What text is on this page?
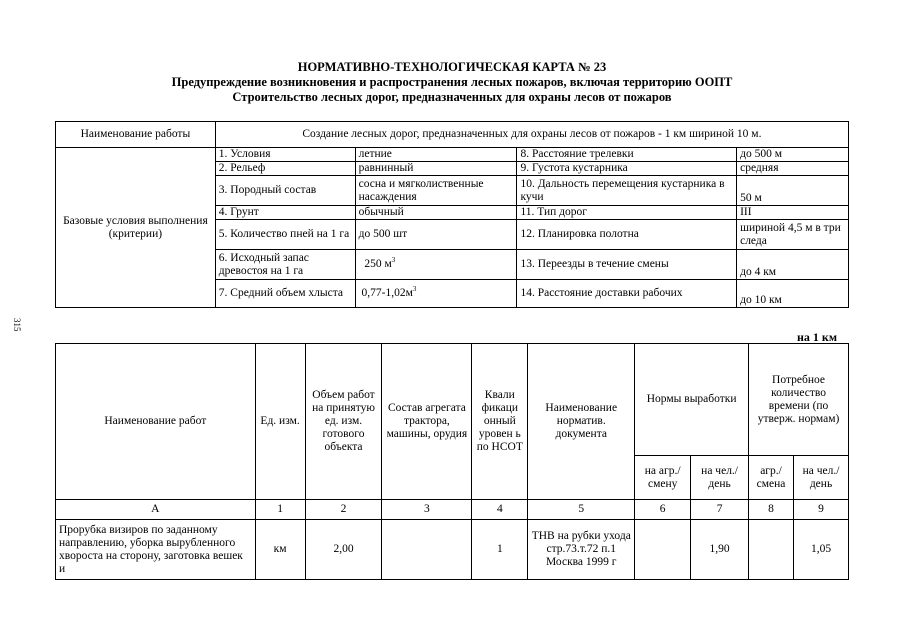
НОРМАТИВНО-ТЕХНОЛОГИЧЕСКАЯ КАРТА № 23
Предупреждение возникновения и распространения лесных пожаров, включая территорию ООПТ
Строительство лесных дорог, предназначенных для охраны лесов от пожаров
315
Наименование работы	Создание лесных дорог, предназначенных для охраны лесов от пожаров - 1 км шириной 10 м.			
Базовые условия выполнения (критерии)	1. Условия	летние	8. Расстояние трелевки	до 500 м
	2. Рельеф	равнинный	9. Густота кустарника	средняя
	3. Породный состав	сосна и мягколиственные насаждения	10. Дальность перемещения кустарника в кучи	50 м
	4. Грунт	обычный	11. Тип дорог	III
	5. Количество пней на 1 га	до 500 шт	12. Планировка полотна	шириной 4,5 м в три следа
	6. Исходный запас древостоя на 1 га	250 $м^3$	13. Переезды в течение смены	до 4 км
	7. Средний объем хлыста	$0,77-1,02м^3$	14. Расстояние доставки рабочих	до 10 км
на 1 км
Наименование работ	Ед. изм.	Объем работ на принятую ед. изм. готового объекта	Состав агрегата трактора, машины, орудия	Квали фикаци онный уровен ь по НСОТ	Наименование норматив. документа	Нормы выработки		Потребное количество времени (по утверж. нормам)	
						на агр./ смену	на чел./ день	агр./ смена	на чел./ день
А	1	2	3	4	5	6	7	8	9
Прорубка визиров по заданному направлению, уборка вырубленного хвороста на сторону, заготовка вешек и	км	2,00		1	ТНВ на рубки ухода стр.73.т.72 п.1 Москва 1999 г		1,90		1,05
